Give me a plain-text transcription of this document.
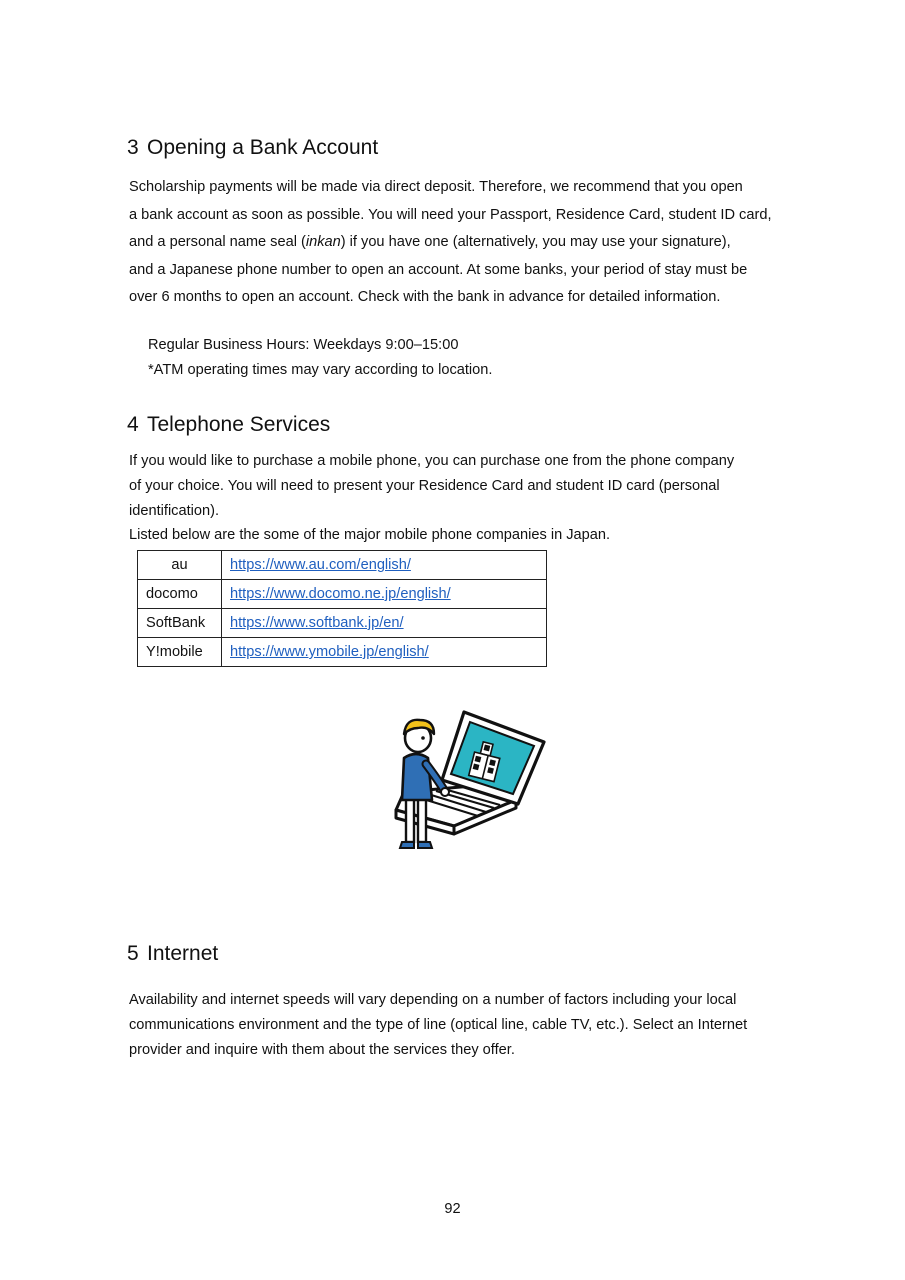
3 Opening a Bank Account
Scholarship payments will be made via direct deposit. Therefore, we recommend that you open
a bank account as soon as possible. You will need your Passport, Residence Card, student ID card,
and a personal name seal (inkan) if you have one (alternatively, you may use your signature),
and a Japanese phone number to open an account. At some banks, your period of stay must be
over 6 months to open an account. Check with the bank in advance for detailed information.
Regular Business Hours: Weekdays 9:00–15:00
*ATM operating times may vary according to location.
4 Telephone Services
If you would like to purchase a mobile phone, you can purchase one from the phone company
of your choice. You will need to present your Residence Card and student ID card (personal
identification).
Listed below are the some of the major mobile phone companies in Japan.
au	https://www.au.com/english/
docomo	https://www.docomo.ne.jp/english/
SoftBank	https://www.softbank.jp/en/
Y!mobile	https://www.ymobile.jp/english/
5 Internet
Availability and internet speeds will vary depending on a number of factors including your local
communications environment and the type of line (optical line, cable TV, etc.). Select an Internet
provider and inquire with them about the services they offer.
92
